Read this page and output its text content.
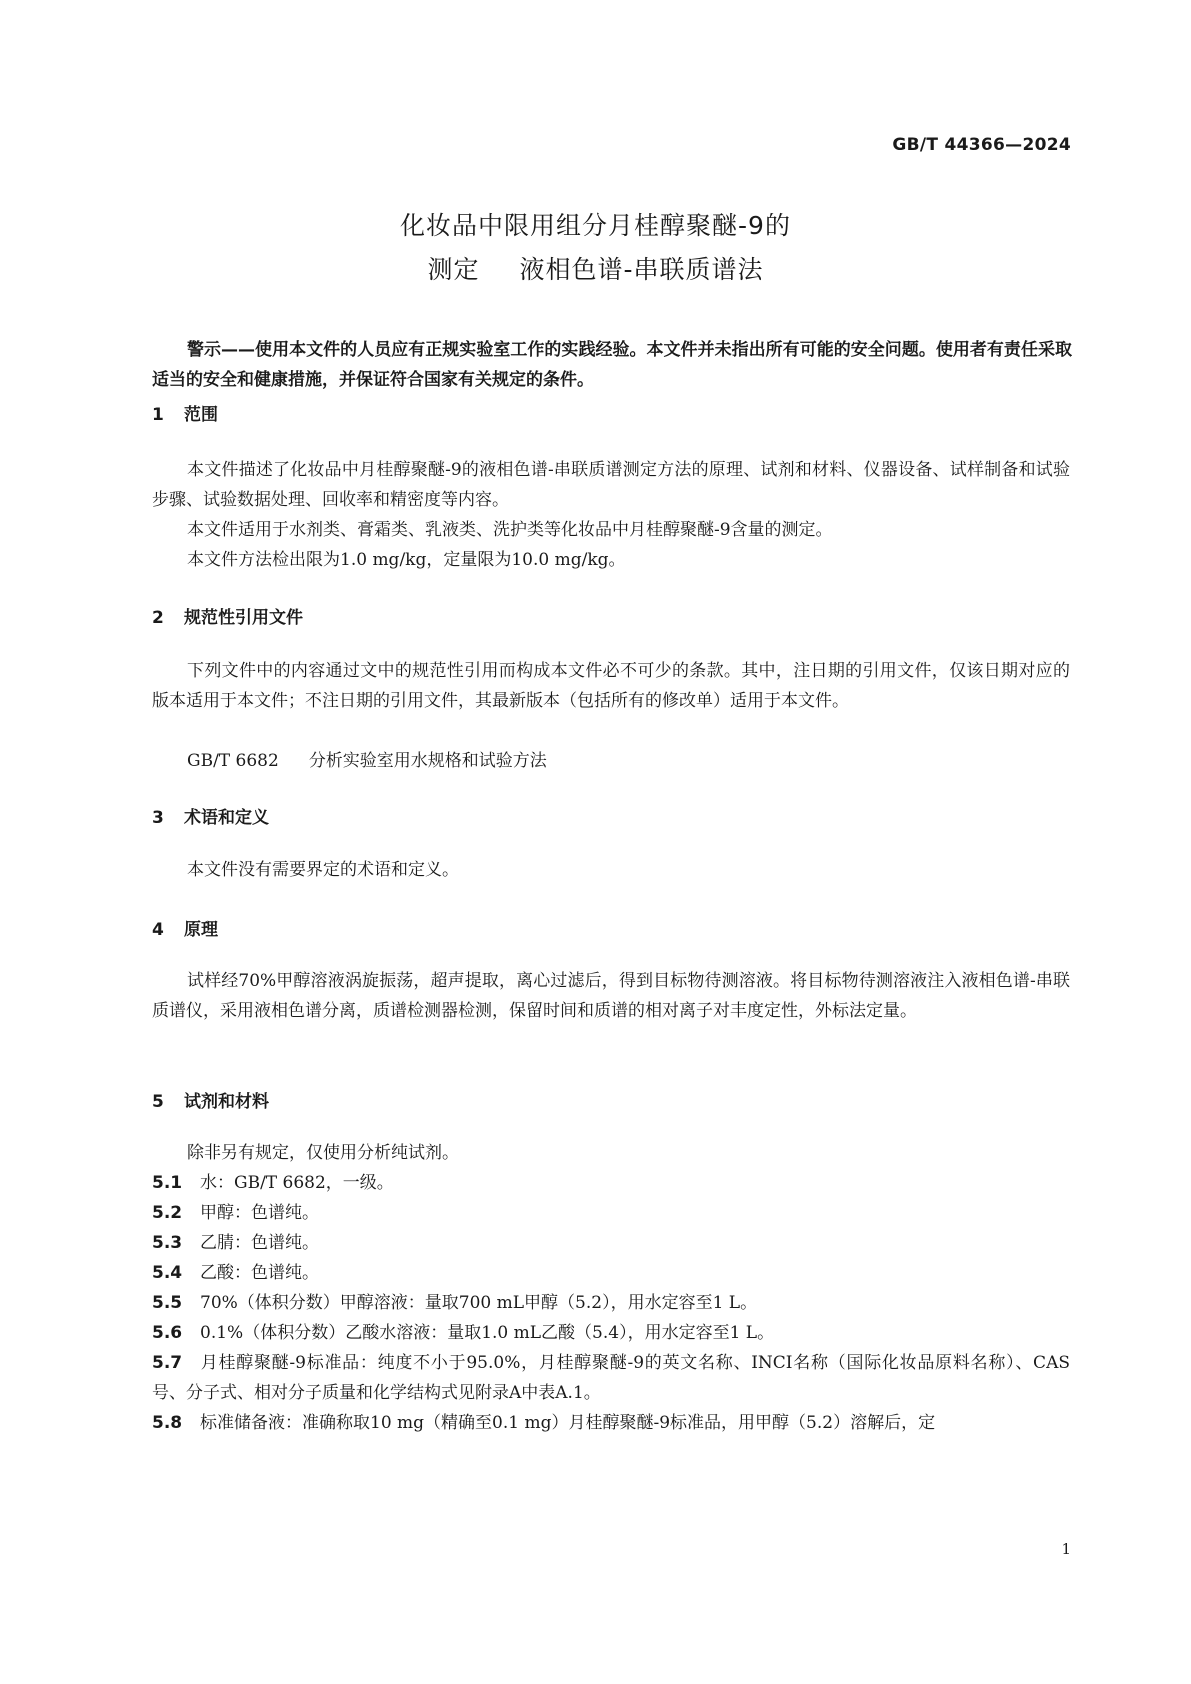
GB/T 44366—2024
化妆品中限用组分月桂醇聚醚-9的
测定 液相色谱-串联质谱法
警示——使用本文件的人员应有正规实验室工作的实践经验。本文件并未指出所有可能的安全问题。使用者有责任采取适当的安全和健康措施，并保证符合国家有关规定的条件。
1 范围
本文件描述了化妆品中月桂醇聚醚-9的液相色谱-串联质谱测定方法的原理、试剂和材料、仪器设备、试样制备和试验步骤、试验数据处理、回收率和精密度等内容。
本文件适用于水剂类、膏霜类、乳液类、洗护类等化妆品中月桂醇聚醚-9含量的测定。
本文件方法检出限为1.0 mg/kg，定量限为10.0 mg/kg。
2 规范性引用文件
下列文件中的内容通过文中的规范性引用而构成本文件必不可少的条款。其中，注日期的引用文件，仅该日期对应的版本适用于本文件；不注日期的引用文件，其最新版本（包括所有的修改单）适用于本文件。
GB/T 6682 分析实验室用水规格和试验方法
3 术语和定义
本文件没有需要界定的术语和定义。
4 原理
试样经70%甲醇溶液涡旋振荡，超声提取，离心过滤后，得到目标物待测溶液。将目标物待测溶液注入液相色谱-串联质谱仪，采用液相色谱分离，质谱检测器检测，保留时间和质谱的相对离子对丰度定性，外标法定量。
5 试剂和材料
除非另有规定，仅使用分析纯试剂。
5.1 水：GB/T 6682，一级。
5.2 甲醇：色谱纯。
5.3 乙腈：色谱纯。
5.4 乙酸：色谱纯。
5.5 70%（体积分数）甲醇溶液：量取700 mL甲醇（5.2），用水定容至1 L。
5.6 0.1%（体积分数）乙酸水溶液：量取1.0 mL乙酸（5.4），用水定容至1 L。
5.7 月桂醇聚醚-9标准品：纯度不小于95.0%，月桂醇聚醚-9的英文名称、INCI名称（国际化妆品原料名称）、CAS号、分子式、相对分子质量和化学结构式见附录A中表A.1。
5.8 标准储备液：准确称取10 mg（精确至0.1 mg）月桂醇聚醚-9标准品，用甲醇（5.2）溶解后，定
1
